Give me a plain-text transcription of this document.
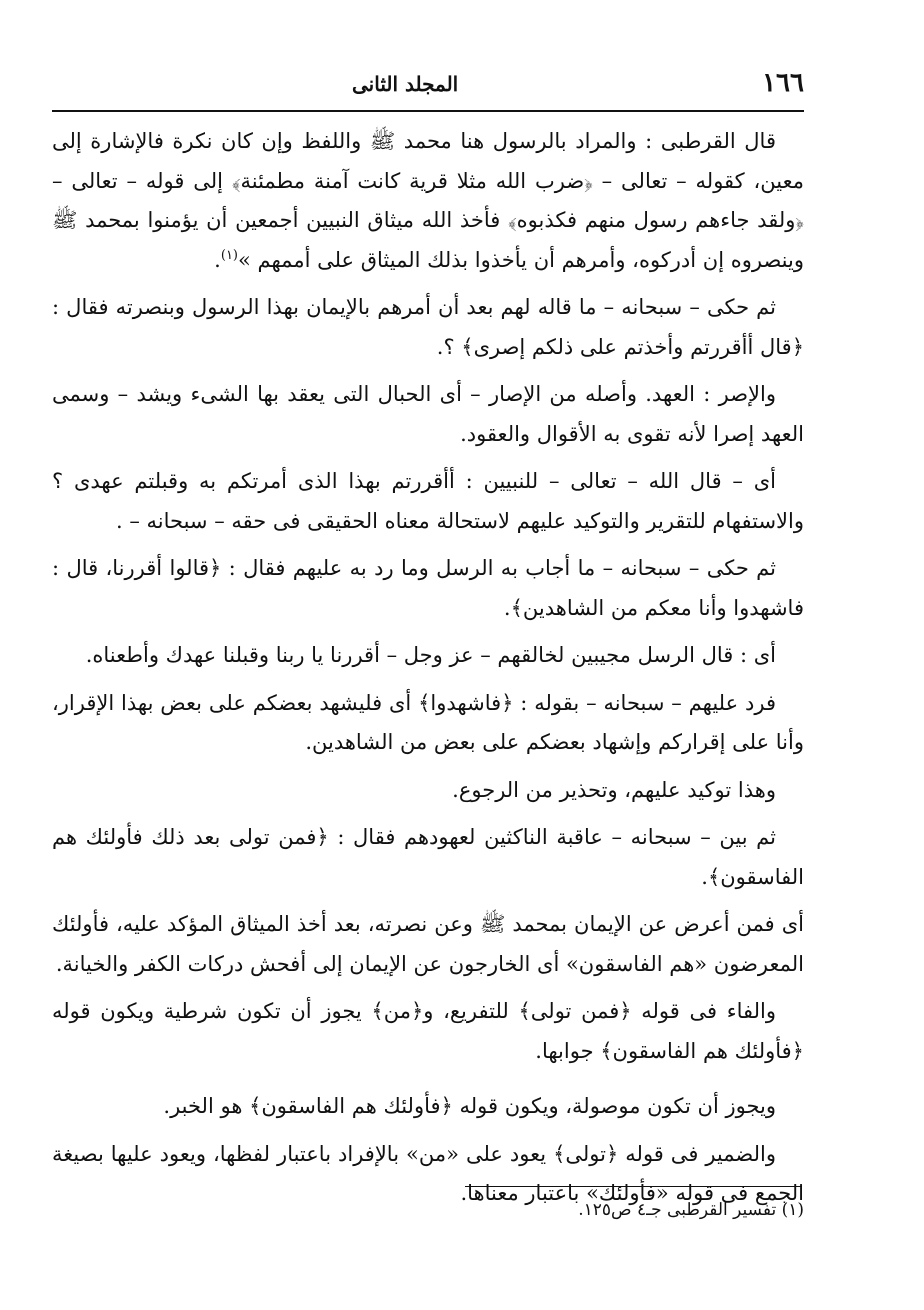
١٦٦
المجلد الثانى

قال القرطبى : والمراد بالرسول هنا محمد ﷺ واللفظ وإن كان نكرة فالإشارة إلى معين، كقوله – تعالى – ﴿ضرب الله مثلا قرية كانت آمنة مطمئنة﴾ إلى قوله – تعالى – ﴿ولقد جاءهم رسول منهم فكذبوه﴾ فأخذ الله ميثاق النبيين أجمعين أن يؤمنوا بمحمد ﷺ وينصروه إن أدركوه، وأمرهم أن يأخذوا بذلك الميثاق على أممهم »$^{(١)}$.

ثم حكى – سبحانه – ما قاله لهم بعد أن أمرهم بالإيمان بهذا الرسول وبنصرته فقال : ﴿قال أأقررتم وأخذتم على ذلكم إصرى﴾ ؟.

والإصر : العهد. وأصله من الإصار – أى الحبال التى يعقد بها الشىء ويشد – وسمى العهد إصرا لأنه تقوى به الأقوال والعقود.

أى – قال الله – تعالى – للنبيين : أأقررتم بهذا الذى أمرتكم به وقبلتم عهدى ؟ والاستفهام للتقرير والتوكيد عليهم لاستحالة معناه الحقيقى فى حقه – سبحانه – .

ثم حكى – سبحانه – ما أجاب به الرسل وما رد به عليهم فقال : ﴿قالوا أقررنا، قال : فاشهدوا وأنا معكم من الشاهدين﴾.

أى : قال الرسل مجيبين لخالقهم – عز وجل – أقررنا يا ربنا وقبلنا عهدك وأطعناه.

فرد عليهم – سبحانه – بقوله : ﴿فاشهدوا﴾ أى فليشهد بعضكم على بعض بهذا الإقرار، وأنا على إقراركم وإشهاد بعضكم على بعض من الشاهدين.

وهذا توكيد عليهم، وتحذير من الرجوع.

ثم بين – سبحانه – عاقبة الناكثين لعهودهم فقال : ﴿فمن تولى بعد ذلك فأولئك هم الفاسقون﴾.

أى فمن أعرض عن الإيمان بمحمد ﷺ وعن نصرته، بعد أخذ الميثاق المؤكد عليه، فأولئك المعرضون «هم الفاسقون» أى الخارجون عن الإيمان إلى أفحش دركات الكفر والخيانة.

والفاء فى قوله ﴿فمن تولى﴾ للتفريع، و﴿من﴾ يجوز أن تكون شرطية ويكون قوله ﴿فأولئك هم الفاسقون﴾ جوابها.

ويجوز أن تكون موصولة، ويكون قوله ﴿فأولئك هم الفاسقون﴾ هو الخبر.

والضمير فى قوله ﴿تولى﴾ يعود على «من» بالإفراد باعتبار لفظها، ويعود عليها بصيغة الجمع فى قوله «فأولئك» باعتبار معناها.

(١) تفسير القرطبى جـ٤ ص١٢٥.
